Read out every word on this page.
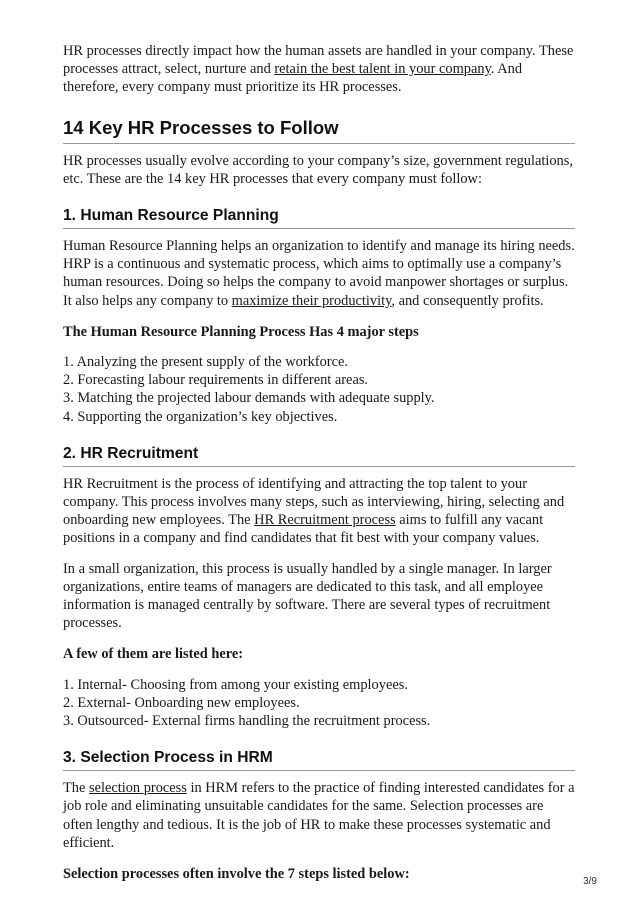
HR processes directly impact how the human assets are handled in your company. These processes attract, select, nurture and retain the best talent in your company. And therefore, every company must prioritize its HR processes.

14 Key HR Processes to Follow

HR processes usually evolve according to your company’s size, government regulations, etc. These are the 14 key HR processes that every company must follow:

1. Human Resource Planning

Human Resource Planning helps an organization to identify and manage its hiring needs. HRP is a continuous and systematic process, which aims to optimally use a company’s human resources. Doing so helps the company to avoid manpower shortages or surplus. It also helps any company to maximize their productivity, and consequently profits.

The Human Resource Planning Process Has 4 major steps

1. Analyzing the present supply of the workforce.
2. Forecasting labour requirements in different areas.
3. Matching the projected labour demands with adequate supply.
4. Supporting the organization’s key objectives.
2. HR Recruitment

HR Recruitment is the process of identifying and attracting the top talent to your company. This process involves many steps, such as interviewing, hiring, selecting and onboarding new employees. The HR Recruitment process aims to fulfill any vacant positions in a company and find candidates that fit best with your company values.

In a small organization, this process is usually handled by a single manager. In larger organizations, entire teams of managers are dedicated to this task, and all employee information is managed centrally by software. There are several types of recruitment processes.

A few of them are listed here:

1. Internal- Choosing from among your existing employees.
2. External- Onboarding new employees.
3. Outsourced- External firms handling the recruitment process.
3. Selection Process in HRM

The selection process in HRM refers to the practice of finding interested candidates for a job role and eliminating unsuitable candidates for the same. Selection processes are often lengthy and tedious. It is the job of HR to make these processes systematic and efficient.

Selection processes often involve the 7 steps listed below:	3/9
